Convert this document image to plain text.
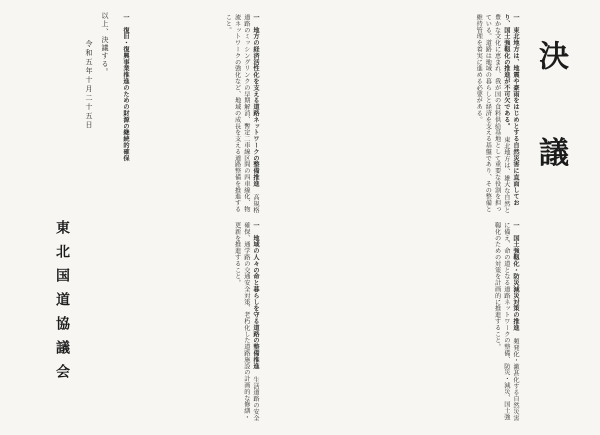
決 議
一　東北地方は、地震や豪雨をはじめとする自然災害に直面しており、国土強靱化の推進が不可欠である。 東北地方は、雄大な自然と豊かな文化に恵まれ、我が国の食料供給基地として重要な役割を担っている。道路は地域の暮らしと経済を支える基盤であり、その整備と維持管理を着実に進める必要がある。
一　国土強靱化・防災減災対策の推進 頻発化・激甚化する自然災害に備え、命の道となる道路ネットワークの整備、防災・減災、国土強靱化のための対策を計画的に推進すること。
一　地方の経済活性化を支える道路ネットワークの整備推進 高規格道路のミッシングリンクの早期解消、暫定二車線区間の四車線化、物流ネットワークの強化など、地域の成長を支える道路整備を推進すること。
一　地域の人々の命と暮らしを守る道路の整備推進 生活道路の安全確保、通学路の交通安全対策、老朽化した道路施設の計画的な修繕・更新を推進すること。
一　復旧・復興事業推進のための財源の継続的確保
以上、決議する。
令和五年十月二十五日
東北国道協議会
